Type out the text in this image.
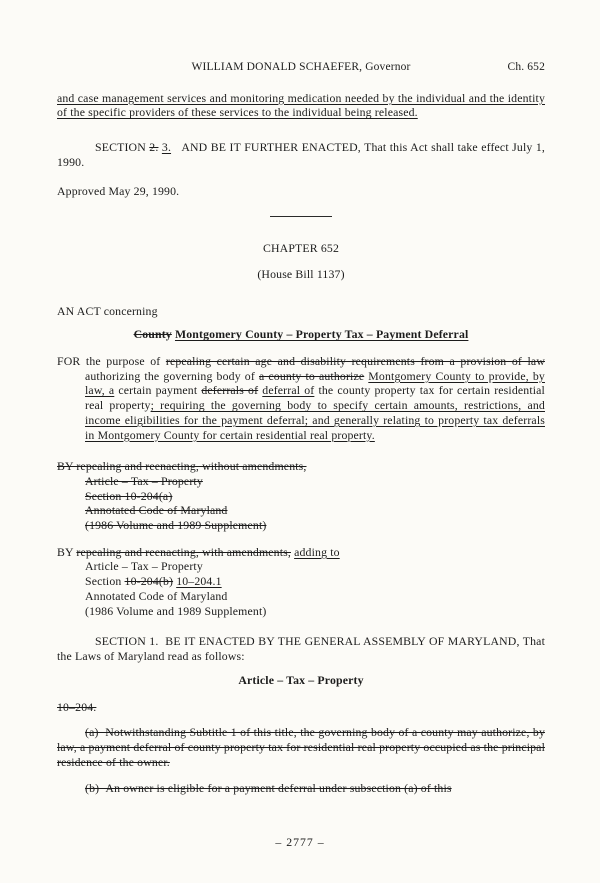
WILLIAM DONALD SCHAEFER, Governor	Ch. 652
and case management services and monitoring medication needed by the individual and the identity of the specific providers of these services to the individual being released.
SECTION 2. 3.   AND BE IT FURTHER ENACTED, That this Act shall take effect July 1, 1990.
Approved May 29, 1990.
CHAPTER 652
(House Bill 1137)
AN ACT concerning
County Montgomery County – Property Tax – Payment Deferral
FOR the purpose of repealing certain age and disability requirements from a provision of law authorizing the governing body of a county to authorize Montgomery County to provide, by law, a certain payment deferrals of deferral of the county property tax for certain residential real property; requiring the governing body to specify certain amounts, restrictions, and income eligibilities for the payment deferral; and generally relating to property tax deferrals in Montgomery County for certain residential real property.
BY repealing and reenacting, without amendments,
Article – Tax – Property
Section 10-204(a)
Annotated Code of Maryland
(1986 Volume and 1989 Supplement)
BY repealing and reenacting, with amendments, adding to
Article – Tax – Property
Section 10-204(b) 10–204.1
Annotated Code of Maryland
(1986 Volume and 1989 Supplement)
SECTION 1.  BE IT ENACTED BY THE GENERAL ASSEMBLY OF MARYLAND, That the Laws of Maryland read as follows:
Article – Tax – Property
10–204.
(a)  Notwithstanding Subtitle 1 of this title, the governing body of a county may authorize, by law, a payment deferral of county property tax for residential real property occupied as the principal residence of the owner.
(b)  An owner is eligible for a payment deferral under subsection (a) of this
– 2777 –
